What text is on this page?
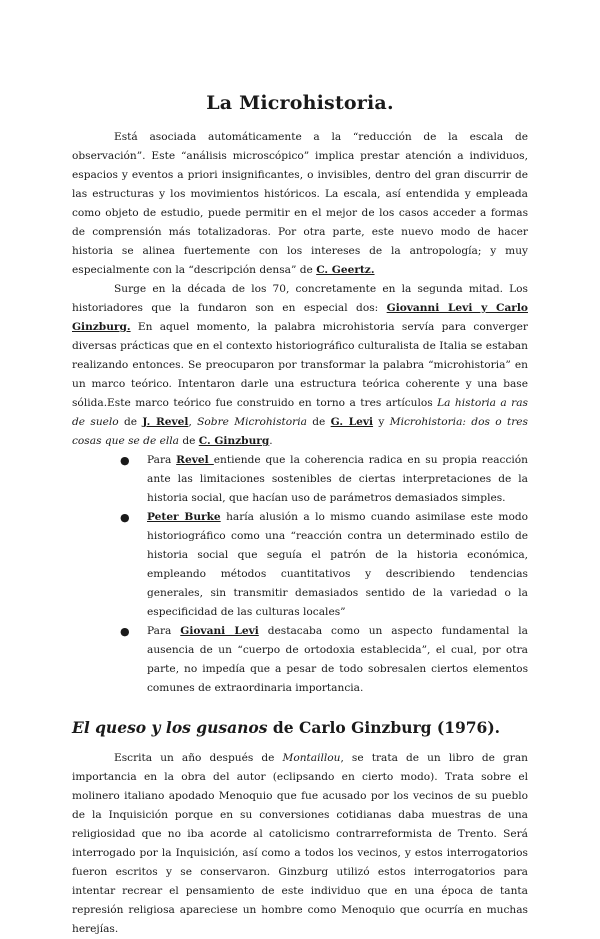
La Microhistoria.

Está asociada automáticamente a la “reducción de la escala de observación”. Este “análisis microscópico” implica prestar atención a individuos, espacios y eventos a priori insignificantes, o invisibles, dentro del gran discurrir de las estructuras y los movimientos históricos. La escala, así entendida y empleada como objeto de estudio, puede permitir en el mejor de los casos acceder a formas de comprensión más totalizadoras. Por otra parte, este nuevo modo de hacer historia se alinea fuertemente con los intereses de la antropología; y muy especialmente con la “descripción densa” de C. Geertz.

Surge en la década de los 70, concretamente en la segunda mitad. Los historiadores que la fundaron son en especial dos: Giovanni Levi y Carlo Ginzburg. En aquel momento, la palabra microhistoria servía para converger diversas prácticas que en el contexto historiográfico culturalista de Italia se estaban realizando entonces. Se preocuparon por transformar la palabra “microhistoria” en un marco teórico. Intentaron darle una estructura teórica coherente y una base sólida.Este marco teórico fue construido en torno a tres artículos La historia a ras de suelo de J. Revel, Sobre Microhistoria de G. Levi y Microhistoria: dos o tres cosas que se de ella de C. Ginzburg.

● Para Revel entiende que la coherencia radica en su propia reacción ante las limitaciones sostenibles de ciertas interpretaciones de la historia social, que hacían uso de parámetros demasiados simples.
● Peter Burke haría alusión a lo mismo cuando asimilase este modo historiográfico como una “reacción contra un determinado estilo de historia social que seguía el patrón de la historia económica, empleando métodos cuantitativos y describiendo tendencias generales, sin transmitir demasiados sentido de la variedad o la especificidad de las culturas locales”
● Para Giovani Levi destacaba como un aspecto fundamental la ausencia de un “cuerpo de ortodoxia establecida”, el cual, por otra parte, no impedía que a pesar de todo sobresalen ciertos elementos comunes de extraordinaria importancia.
El queso y los gusanos de Carlo Ginzburg (1976).

Escrita un año después de Montaillou, se trata de un libro de gran importancia en la obra del autor (eclipsando en cierto modo). Trata sobre el molinero italiano apodado Menoquio que fue acusado por los vecinos de su pueblo de la Inquisición porque en su conversiones cotidianas daba muestras de una religiosidad que no iba acorde al catolicismo contrarreformista de Trento. Será interrogado por la Inquisición, así como a todos los vecinos, y estos interrogatorios fueron escritos y se conservaron. Ginzburg utilizó estos interrogatorios para intentar recrear el pensamiento de este individuo que en una época de tanta represión religiosa apareciese un hombre como Menoquio que ocurría en muchas herejías.
